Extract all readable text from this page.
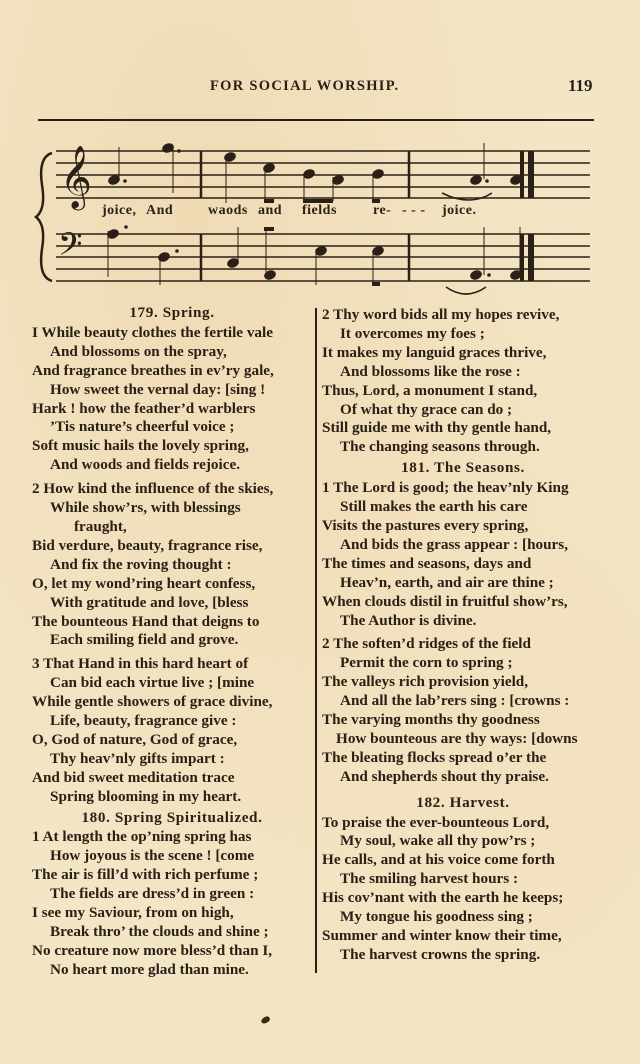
FOR SOCIAL WORSHIP.	119
𝄞
𝄢
joice, And waods and fields	re- - - - joice.
179. Spring.
I While beauty clothes the fertile vale
And blossoms on the spray,
And fragrance breathes in ev’ry gale,
How sweet the vernal day: [sing !
Hark ! how the feather’d warblers
’Tis nature’s cheerful voice ;
Soft music hails the lovely spring,
And woods and fields rejoice.
2 How kind the influence of the skies,
While show’rs, with blessings
fraught,
Bid verdure, beauty, fragrance rise,
And fix the roving thought :
O, let my wond’ring heart confess,
With gratitude and love, [bless
The bounteous Hand that deigns to
Each smiling field and grove.
3 That Hand in this hard heart of
Can bid each virtue live ; [mine
While gentle showers of grace divine,
Life, beauty, fragrance give :
O, God of nature, God of grace,
Thy heav’nly gifts impart :
And bid sweet meditation trace
Spring blooming in my heart.
180. Spring Spiritualized.
1 At length the op’ning spring has
How joyous is the scene ! [come
The air is fill’d with rich perfume ;
The fields are dress’d in green :
I see my Saviour, from on high,
Break thro’ the clouds and shine ;
No creature now more bless’d than I,
No heart more glad than mine.
2 Thy word bids all my hopes revive,
It overcomes my foes ;
It makes my languid graces thrive,
And blossoms like the rose :
Thus, Lord, a monument I stand,
Of what thy grace can do ;
Still guide me with thy gentle hand,
The changing seasons through.
181. The Seasons.
1 The Lord is good; the heav’nly King
Still makes the earth his care
Visits the pastures every spring,
And bids the grass appear : [hours,
The times and seasons, days and
Heav’n, earth, and air are thine ;
When clouds distil in fruitful show’rs,
The Author is divine.
2 The soften’d ridges of the field
Permit the corn to spring ;
The valleys rich provision yield,
And all the lab’rers sing : [crowns :
The varying months thy goodness
How bounteous are thy ways: [downs
The bleating flocks spread o’er the
And shepherds shout thy praise.
182. Harvest.
To praise the ever-bounteous Lord,
My soul, wake all thy pow’rs ;
He calls, and at his voice come forth
The smiling harvest hours :
His cov’nant with the earth he keeps;
My tongue his goodness sing ;
Summer and winter know their time,
The harvest crowns the spring.
